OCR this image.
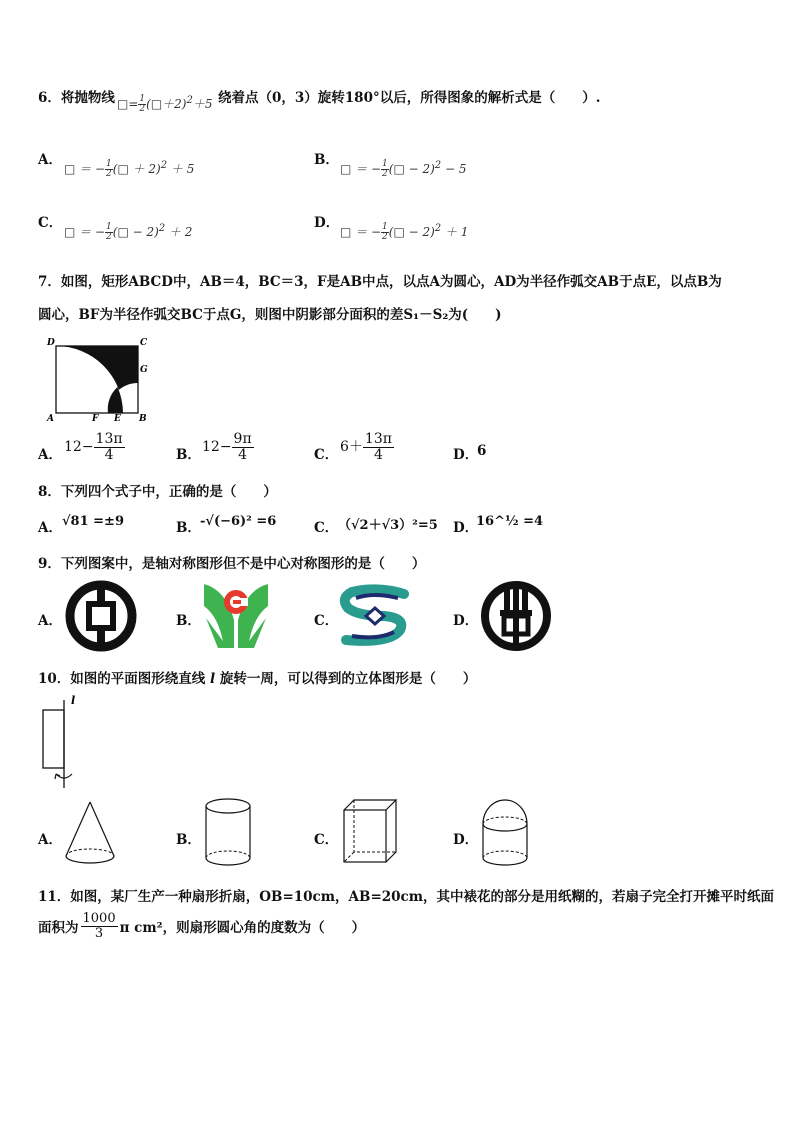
6．将抛物线 □= $\frac{1}{2}$ (□＋2)$^2$＋5 绕着点（0，3）旋转180°以后，所得图象的解析式是（　　）.
A．
□ ＝ − $\frac{1}{2}$ (□ ＋ 2)$^2$ ＋ 5
B．
□ ＝ − $\frac{1}{2}$ (□ − 2)$^2$ − 5
C．
□ ＝ − $\frac{1}{2}$ (□ − 2)$^2$ ＋ 2
D．
□ ＝ − $\frac{1}{2}$ (□ − 2)$^2$ ＋ 1
7．如图，矩形ABCD中，AB＝4，BC＝3，F是AB中点，以点A为圆心，AD为半径作弧交AB于点E，以点B为
圆心，BF为半径作弧交BC于点G，则图中阴影部分面积的差S₁－S₂为(　　)
D	C
G
A	F E B
A． $12- \frac{13\pi}{4}$	B． $12- \frac{9\pi}{4}$	C． $6+ \frac{13\pi}{4}$	D．
6
8．下列四个式子中，正确的是（　　）
A． √81 =±9	B． -√(−6)² =6	C． （√2＋√3）²=5 D．
16^½ =4
9．下列图案中，是轴对称图形但不是中心对称图形的是（　　）
A．	B．	C．	D．
10．如图的平面图形绕直线 l 旋转一周，可以得到的立体图形是（　　）
l
A．	B．	C．	D．
11．如图，某厂生产一种扇形折扇，OB=10cm，AB=20cm，其中裱花的部分是用纸糊的，若扇子完全打开摊平时纸面
面积为
1000
3 π cm²，则扇形圆心角的度数为（　　）
